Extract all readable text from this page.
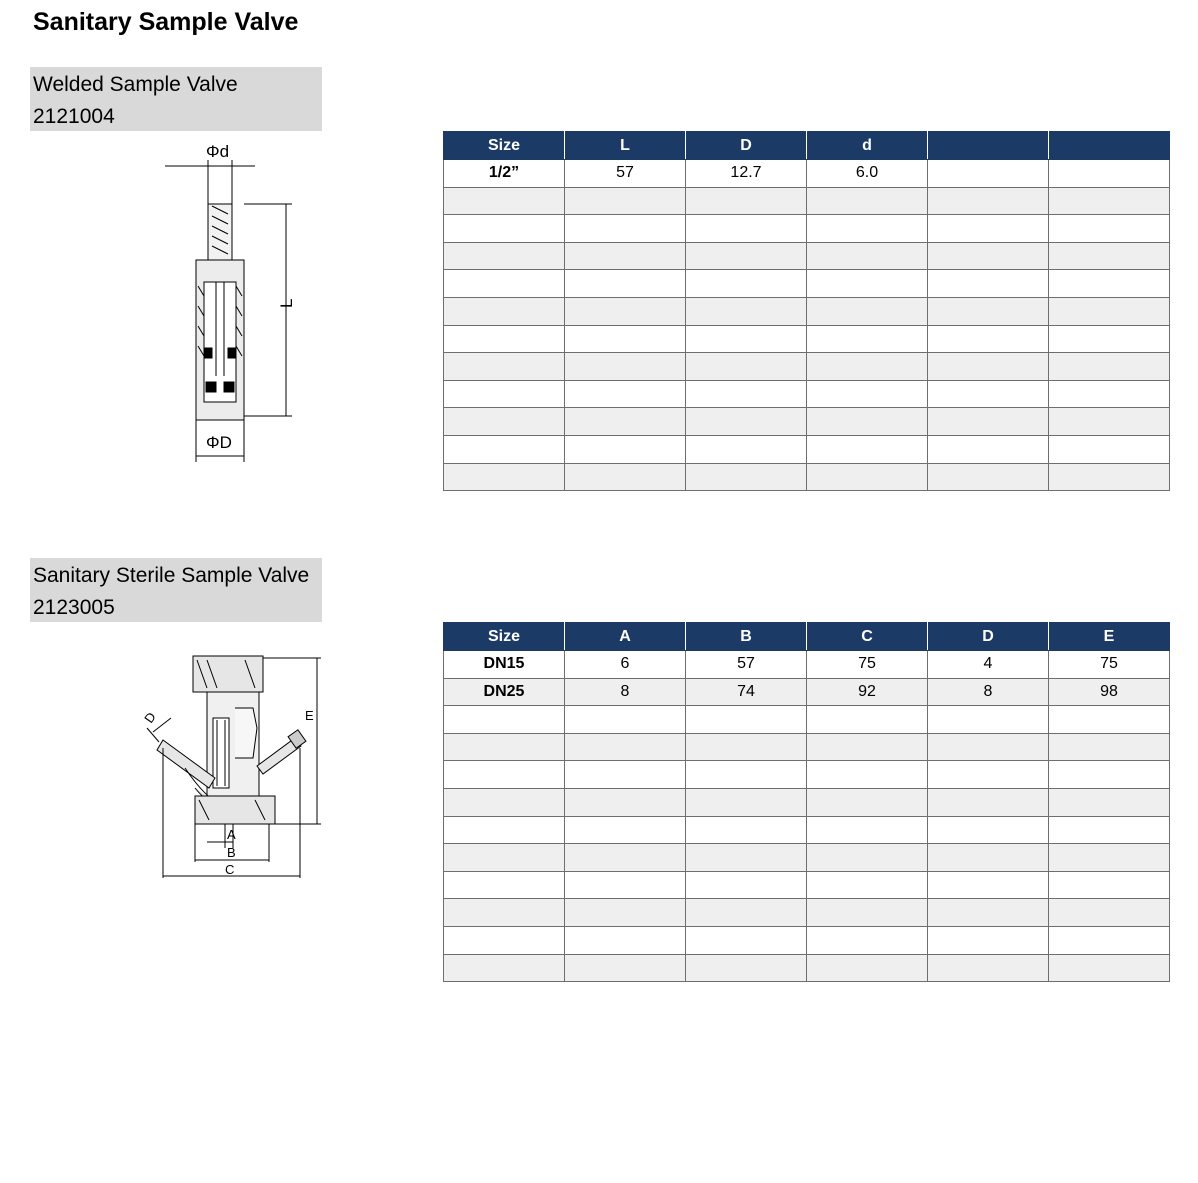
Sanitary Sample Valve
Welded Sample Valve
2121004
Φd
L
ΦD
Size	L	D	d		
1/2”	57	12.7	6.0		

Sanitary Sterile Sample Valve
2123005
D	E
A
B
C
Size	A	B	C	D	E
DN15	6	57	75	4	75
DN25	8	74	92	8	98
